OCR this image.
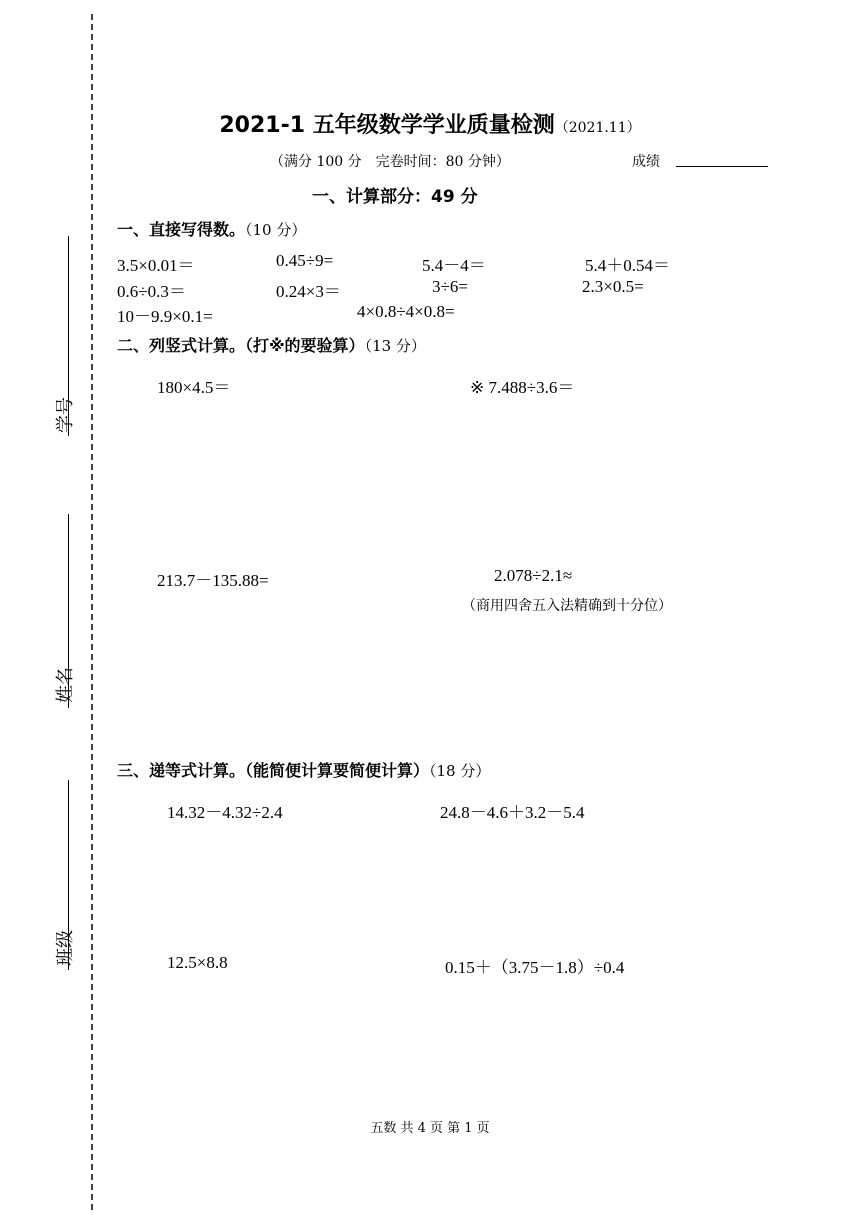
学号
姓名
班级
2021-1 五年级数学学业质量检测（2021.11）
（满分 100 分　完卷时间：80 分钟）	成绩
一、计算部分：49 分
一、直接写得数。（10 分）
3.5×0.01＝	0.45÷9=	5.4－4＝	5.4＋0.54＝
0.6÷0.3＝	0.24×3＝	3÷6=	2.3×0.5=
10－9.9×0.1=	4×0.8÷4×0.8=
二、列竖式计算。（打※的要验算）（13 分）
180×4.5＝	※ 7.488÷3.6＝
213.7－135.88=	2.078÷2.1≈
（商用四舍五入法精确到十分位）
三、递等式计算。（能简便计算要简便计算）（18 分）
14.32－4.32÷2.4	24.8－4.6＋3.2－5.4
12.5×8.8	0.15＋（3.75－1.8）÷0.4
五数 共 4 页 第 1 页
